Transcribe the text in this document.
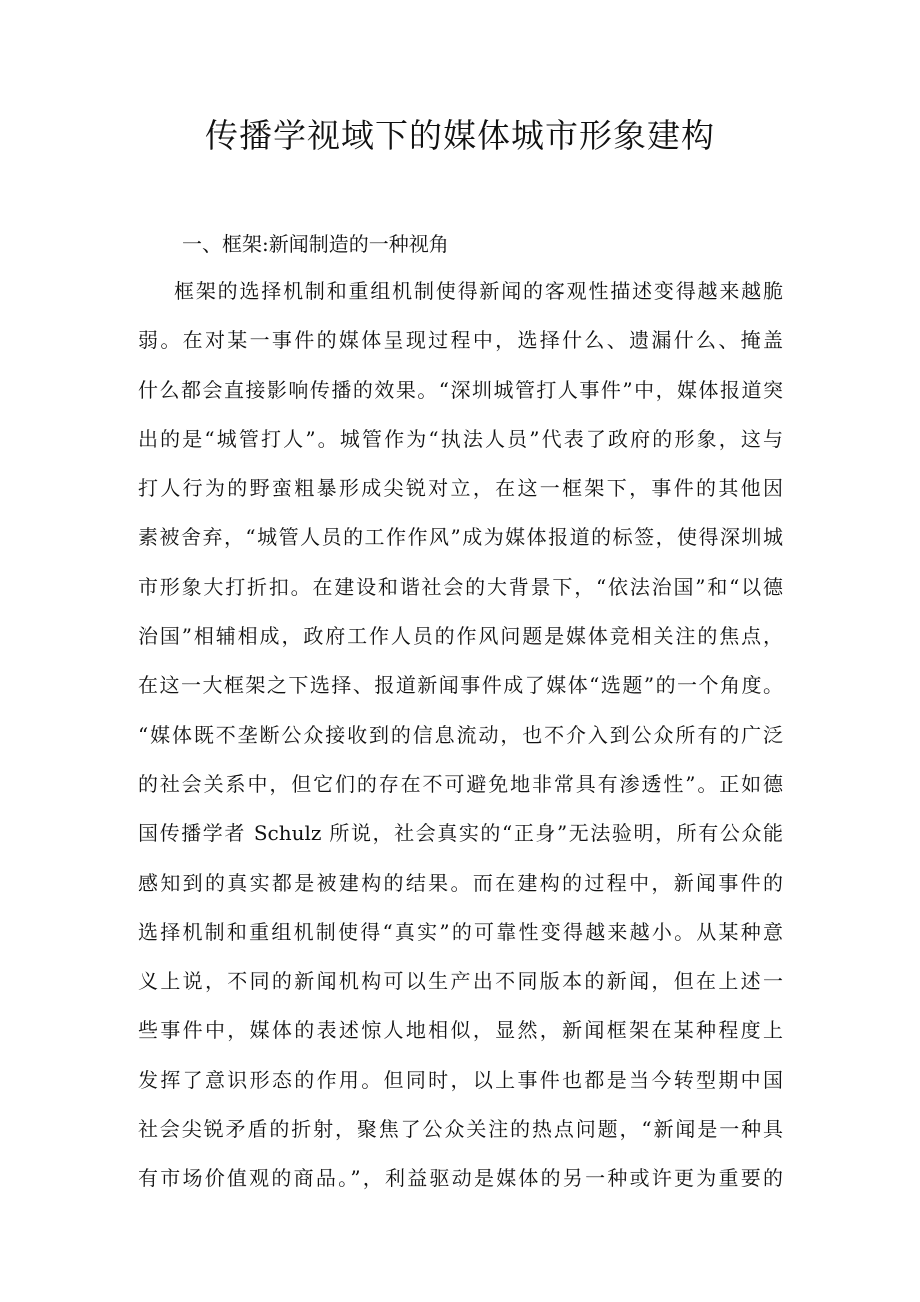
传播学视域下的媒体城市形象建构
一、框架:新闻制造的一种视角
框架的选择机制和重组机制使得新闻的客观性描述变得越来越脆
弱。在对某一事件的媒体呈现过程中，选择什么、遗漏什么、掩盖
什么都会直接影响传播的效果。“深圳城管打人事件”中，媒体报道突
出的是“城管打人”。城管作为“执法人员”代表了政府的形象，这与
打人行为的野蛮粗暴形成尖锐对立，在这一框架下，事件的其他因
素被舍弃，“城管人员的工作作风”成为媒体报道的标签，使得深圳城
市形象大打折扣。在建设和谐社会的大背景下，“依法治国”和“以德
治国”相辅相成，政府工作人员的作风问题是媒体竞相关注的焦点，
在这一大框架之下选择、报道新闻事件成了媒体“选题”的一个角度。
“媒体既不垄断公众接收到的信息流动，也不介入到公众所有的广泛
的社会关系中，但它们的存在不可避免地非常具有渗透性”。正如德
国传播学者 Schulz 所说，社会真实的“正身”无法验明，所有公众能
感知到的真实都是被建构的结果。而在建构的过程中，新闻事件的
选择机制和重组机制使得“真实”的可靠性变得越来越小。从某种意
义上说，不同的新闻机构可以生产出不同版本的新闻，但在上述一
些事件中，媒体的表述惊人地相似，显然，新闻框架在某种程度上
发挥了意识形态的作用。但同时，以上事件也都是当今转型期中国
社会尖锐矛盾的折射，聚焦了公众关注的热点问题，“新闻是一种具
有市场价值观的商品。”，利益驱动是媒体的另一种或许更为重要的
